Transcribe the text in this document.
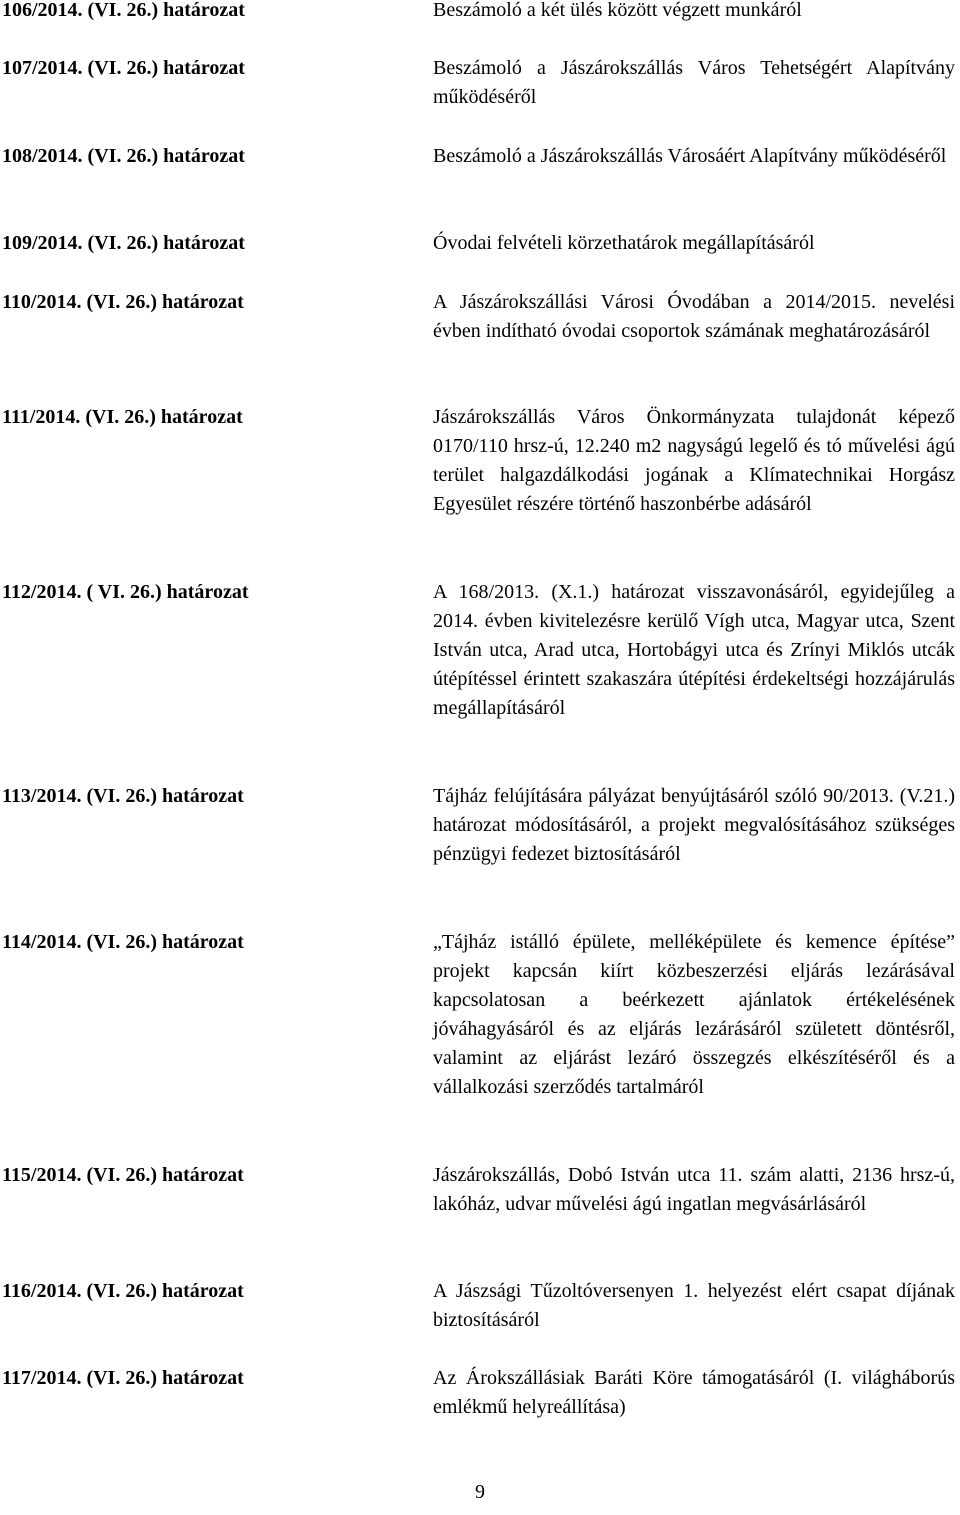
106/2014. (VI. 26.) határozat	Beszámoló a két ülés között végzett munkáról
107/2014. (VI. 26.) határozat	Beszámoló a Jászárokszállás Város Tehetségért Alapítvány működéséről
108/2014. (VI. 26.) határozat	Beszámoló a Jászárokszállás Városáért Alapítvány működéséről
109/2014. (VI. 26.) határozat	Óvodai felvételi körzethatárok megállapításáról
110/2014. (VI. 26.) határozat	A Jászárokszállási Városi Óvodában a 2014/2015. nevelési évben indítható óvodai csoportok számának meghatározásáról
111/2014. (VI. 26.) határozat	Jászárokszállás Város Önkormányzata tulajdonát képező 0170/110 hrsz-ú, 12.240 m2 nagyságú legelő és tó művelési ágú terület halgazdálkodási jogának a Klímatechnikai Horgász Egyesület részére történő haszonbérbe adásáról
112/2014. ( VI. 26.) határozat	A 168/2013. (X.1.) határozat visszavonásáról, egyidejűleg a 2014. évben kivitelezésre kerülő Vígh utca, Magyar utca, Szent István utca, Arad utca, Hortobágyi utca és Zrínyi Miklós utcák útépítéssel érintett szakaszára útépítési érdekeltségi hozzájárulás megállapításáról
113/2014. (VI. 26.) határozat	Tájház felújítására pályázat benyújtásáról szóló 90/2013. (V.21.) határozat módosításáról, a projekt megvalósításához szükséges pénzügyi fedezet biztosításáról
114/2014. (VI. 26.) határozat	„Tájház istálló épülete, melléképülete és kemence építése” projekt kapcsán kiírt közbeszerzési eljárás lezárásával kapcsolatosan a beérkezett ajánlatok értékelésének jóváhagyásáról és az eljárás lezárásáról született döntésről, valamint az eljárást lezáró összegzés elkészítéséről és a vállalkozási szerződés tartalmáról
115/2014. (VI. 26.) határozat	Jászárokszállás, Dobó István utca 11. szám alatti, 2136 hrsz-ú, lakóház, udvar művelési ágú ingatlan megvásárlásáról
116/2014. (VI. 26.) határozat	A Jászsági Tűzoltóversenyen 1. helyezést elért csapat díjának biztosításáról
117/2014. (VI. 26.) határozat	Az Árokszállásiak Baráti Köre támogatásáról (I. világháborús emlékmű helyreállítása)
9
